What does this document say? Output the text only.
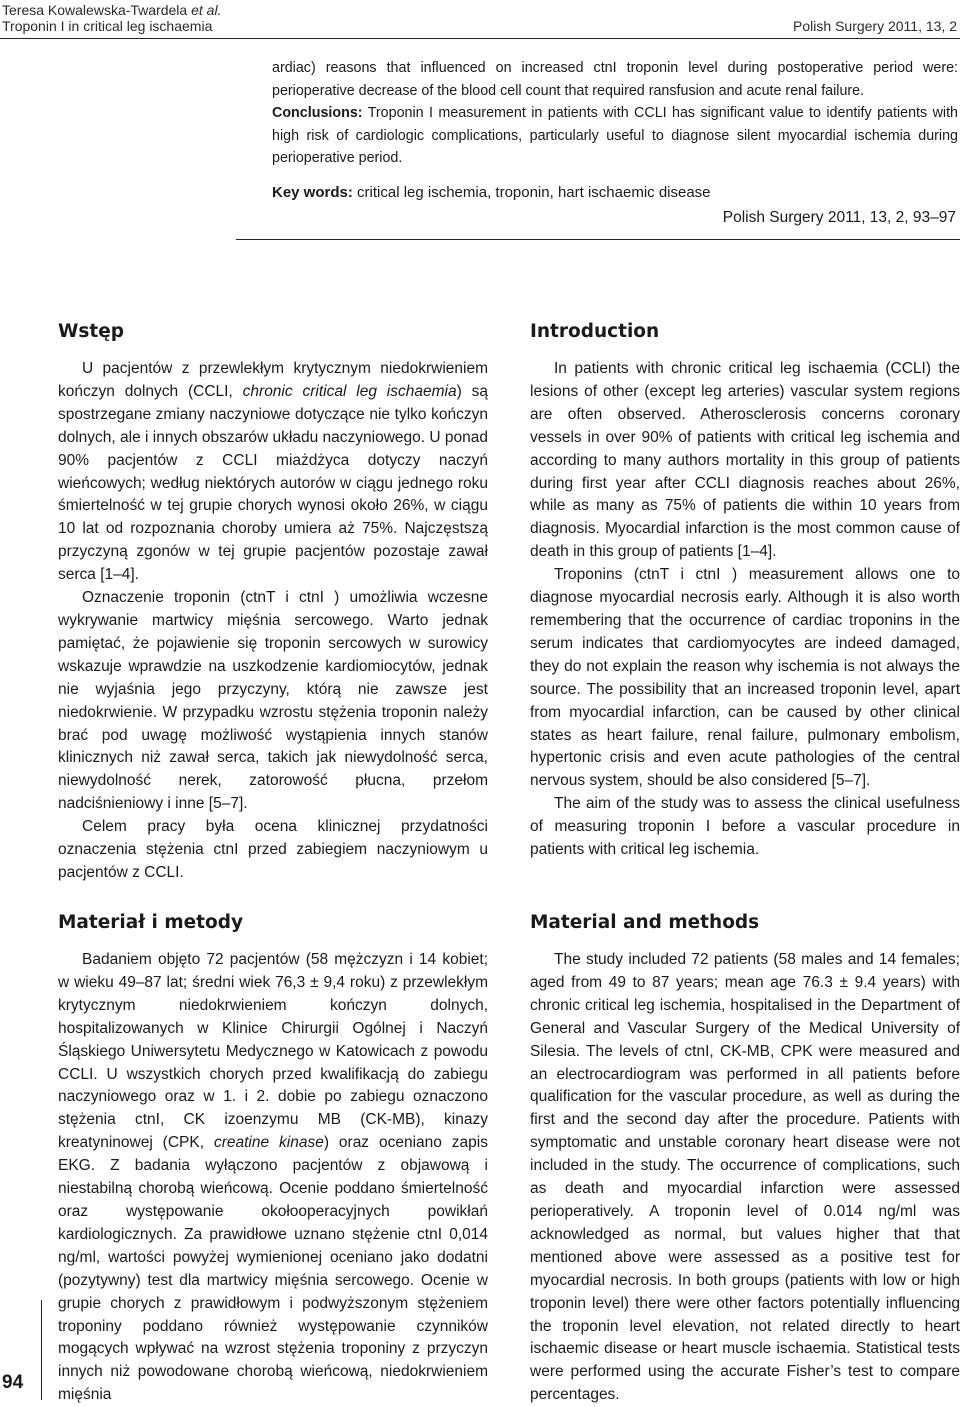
Teresa Kowalewska-Twardela et al.
Troponin I in critical leg ischaemia	Polish Surgery 2011, 13, 2

ardiac) reasons that influenced on increased ctnI troponin level during postoperative period were: perioperative decrease of the blood cell count that required ransfusion and acute renal failure.

Conclusions: Troponin I measurement in patients with CCLI has significant value to identify patients with high risk of cardiologic complications, particularly useful to diagnose silent myocardial ischemia during perioperative period.

Key words: critical leg ischemia, troponin, hart ischaemic disease
Polish Surgery 2011, 13, 2, 93–97
Wstęp

U pacjentów z przewlekłym krytycznym niedokrwieniem kończyn dolnych (CCLI, chronic critical leg ischaemia) są spostrzegane zmiany naczyniowe dotyczące nie tylko kończyn dolnych, ale i innych obszarów układu naczyniowego. U ponad 90% pacjentów z CCLI miażdżyca dotyczy naczyń wieńcowych; według niektórych autorów w ciągu jednego roku śmiertelność w tej grupie chorych wynosi około 26%, w ciągu 10 lat od rozpoznania choroby umiera aż 75%. Najczęstszą przyczyną zgonów w tej grupie pacjentów pozostaje zawał serca [1–4].

Oznaczenie troponin (ctnT i ctnI ) umożliwia wczesne wykrywanie martwicy mięśnia sercowego. Warto jednak pamiętać, że pojawienie się troponin sercowych w surowicy wskazuje wprawdzie na uszkodzenie kardiomiocytów, jednak nie wyjaśnia jego przyczyny, którą nie zawsze jest niedokrwienie. W przypadku wzrostu stężenia troponin należy brać pod uwagę możliwość wystąpienia innych stanów klinicznych niż zawał serca, takich jak niewydolność serca, niewydolność nerek, zatorowość płucna, przełom nadciśnieniowy i inne [5–7].

Celem pracy była ocena klinicznej przydatności oznaczenia stężenia ctnI przed zabiegiem naczyniowym u pacjentów z CCLI.

Materiał i metody

Badaniem objęto 72 pacjentów (58 mężczyzn i 14 kobiet; w wieku 49–87 lat; średni wiek 76,3 ± 9,4 roku) z przewlekłym krytycznym niedokrwieniem kończyn dolnych, hospitalizowanych w Klinice Chirurgii Ogólnej i Naczyń Śląskiego Uniwersytetu Medycznego w Katowicach z powodu CCLI. U wszystkich chorych przed kwalifikacją do zabiegu naczyniowego oraz w 1. i 2. dobie po zabiegu oznaczono stężenia ctnI, CK izoenzymu MB (CK-MB), kinazy kreatyninowej (CPK, creatine kinase) oraz oceniano zapis EKG. Z badania wyłączono pacjentów z objawową i niestabilną chorobą wieńcową. Ocenie poddano śmiertelność oraz występowanie okołooperacyjnych powikłań kardiologicznych. Za prawidłowe uznano stężenie ctnI 0,014 ng/ml, wartości powyżej wymienionej oceniano jako dodatni (pozytywny) test dla martwicy mięśnia sercowego. Ocenie w grupie chorych z prawidłowym i podwyższonym stężeniem troponiny poddano również występowanie czynników mogących wpływać na wzrost stężenia troponiny z przyczyn innych niż powodowane chorobą wieńcową, niedokrwieniem mięśnia

Introduction

In patients with chronic critical leg ischaemia (CCLI) the lesions of other (except leg arteries) vascular system regions are often observed. Atherosclerosis concerns coronary vessels in over 90% of patients with critical leg ischemia and according to many authors mortality in this group of patients during first year after CCLI diagnosis reaches about 26%, while as many as 75% of patients die within 10 years from diagnosis. Myocardial infarction is the most common cause of death in this group of patients [1–4].

Troponins (ctnT i ctnI ) measurement allows one to diagnose myocardial necrosis early. Although it is also worth remembering that the occurrence of cardiac troponins in the serum indicates that cardiomyocytes are indeed damaged, they do not explain the reason why ischemia is not always the source. The possibility that an increased troponin level, apart from myocardial infarction, can be caused by other clinical states as heart failure, renal failure, pulmonary embolism, hypertonic crisis and even acute pathologies of the central nervous system, should be also considered [5–7].

The aim of the study was to assess the clinical usefulness of measuring troponin I before a vascular procedure in patients with critical leg ischemia.

Material and methods

The study included 72 patients (58 males and 14 females; aged from 49 to 87 years; mean age 76.3 ± 9.4 years) with chronic critical leg ischemia, hospitalised in the Department of General and Vascular Surgery of the Medical University of Silesia. The levels of ctnI, CK-MB, CPK were measured and an electrocardiogram was performed in all patients before qualification for the vascular procedure, as well as during the first and the second day after the procedure. Patients with symptomatic and unstable coronary heart disease were not included in the study. The occurrence of complications, such as death and myocardial infarction were assessed perioperatively. A troponin level of 0.014 ng/ml was acknowledged as normal, but values higher that that mentioned above were assessed as a positive test for myocardial necrosis. In both groups (patients with low or high troponin level) there were other factors potentially influencing the troponin level elevation, not related directly to heart ischaemic disease or heart muscle ischaemia. Statistical tests were performed using the accurate Fisher’s test to compare percentages.

94
